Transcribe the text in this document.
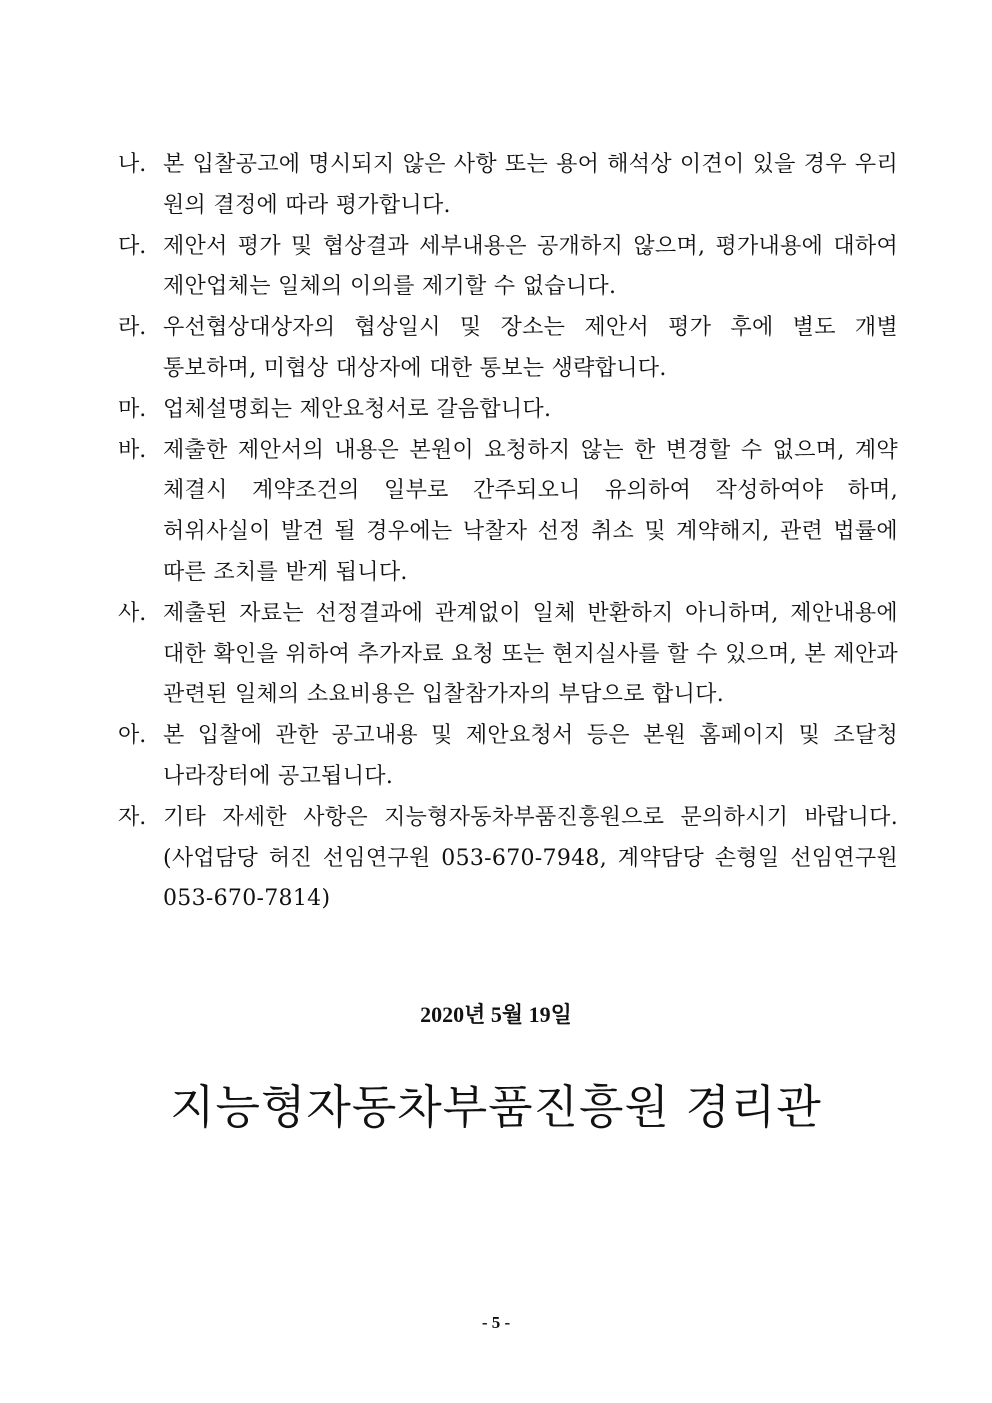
나. 본 입찰공고에 명시되지 않은 사항 또는 용어 해석상 이견이 있을 경우 우리 원의 결정에 따라 평가합니다.
다. 제안서 평가 및 협상결과 세부내용은 공개하지 않으며, 평가내용에 대하여 제안업체는 일체의 이의를 제기할 수 없습니다.
라. 우선협상대상자의 협상일시 및 장소는 제안서 평가 후에 별도 개별 통보하며, 미협상 대상자에 대한 통보는 생략합니다.
마. 업체설명회는 제안요청서로 갈음합니다.
바. 제출한 제안서의 내용은 본원이 요청하지 않는 한 변경할 수 없으며, 계약 체결시 계약조건의 일부로 간주되오니 유의하여 작성하여야 하며, 허위사실이 발견 될 경우에는 낙찰자 선정 취소 및 계약해지, 관련 법률에 따른 조치를 받게 됩니다.
사. 제출된 자료는 선정결과에 관계없이 일체 반환하지 아니하며, 제안내용에 대한 확인을 위하여 추가자료 요청 또는 현지실사를 할 수 있으며, 본 제안과 관련된 일체의 소요비용은 입찰참가자의 부담으로 합니다.
아. 본 입찰에 관한 공고내용 및 제안요청서 등은 본원 홈페이지 및 조달청 나라장터에 공고됩니다.
자. 기타 자세한 사항은 지능형자동차부품진흥원으로 문의하시기 바랍니다.(사업담당 허진 선임연구원 053-670-7948, 계약담당 손형일 선임연구원 053-670-7814)
2020년 5월 19일
지능형자동차부품진흥원 경리관
- 5 -
